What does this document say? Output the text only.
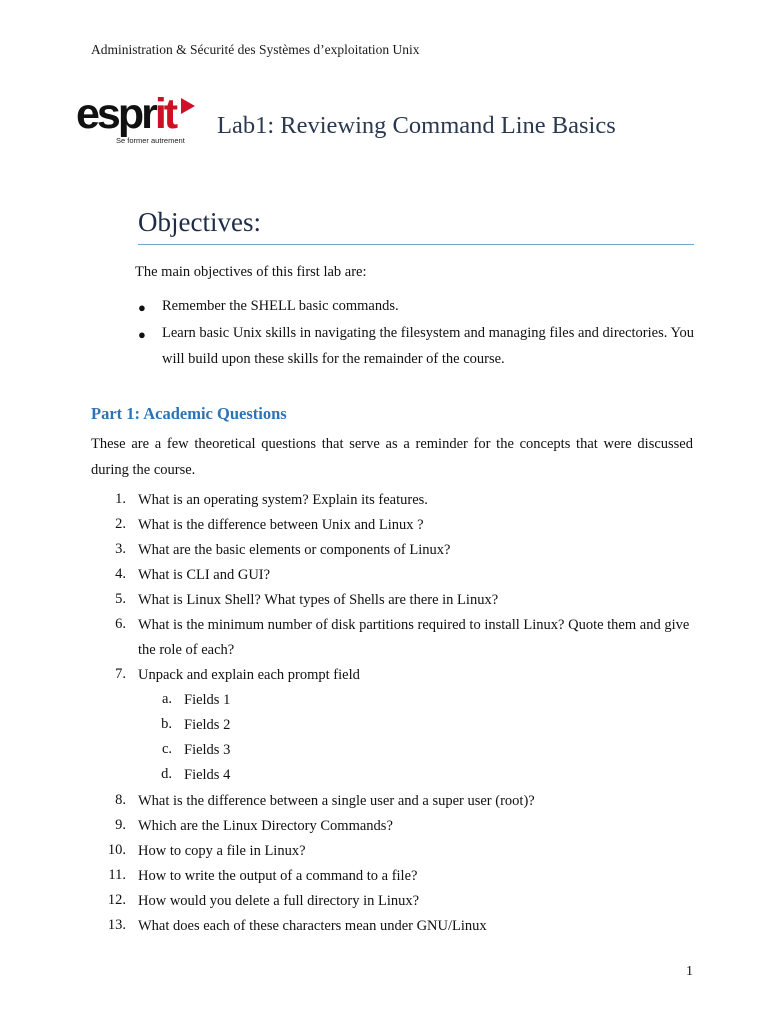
Administration & Sécurité des Systèmes d’exploitation Unix
esprit
Se former autrement
Lab1: Reviewing Command Line Basics
Objectives:
The main objectives of this first lab are:
● Remember the SHELL basic commands.
● Learn basic Unix skills in navigating the filesystem and managing files and directories. You will build upon these skills for the remainder of the course.
Part 1: Academic Questions
These are a few theoretical questions that serve as a reminder for the concepts that were discussed during the course.
1. What is an operating system? Explain its features.
2. What is the difference between Unix and Linux ?
3. What are the basic elements or components of Linux?
4. What is CLI and GUI?
5. What is Linux Shell? What types of Shells are there in Linux?
6. What is the minimum number of disk partitions required to install Linux? Quote them and give the role of each?
7. Unpack and explain each prompt field
a. Fields 1
b. Fields 2
c. Fields 3
d. Fields 4
8. What is the difference between a single user and a super user (root)?
9. Which are the Linux Directory Commands?
10. How to copy a file in Linux?
11. How to write the output of a command to a file?
12. How would you delete a full directory in Linux?
13. What does each of these characters mean under GNU/Linux
1
